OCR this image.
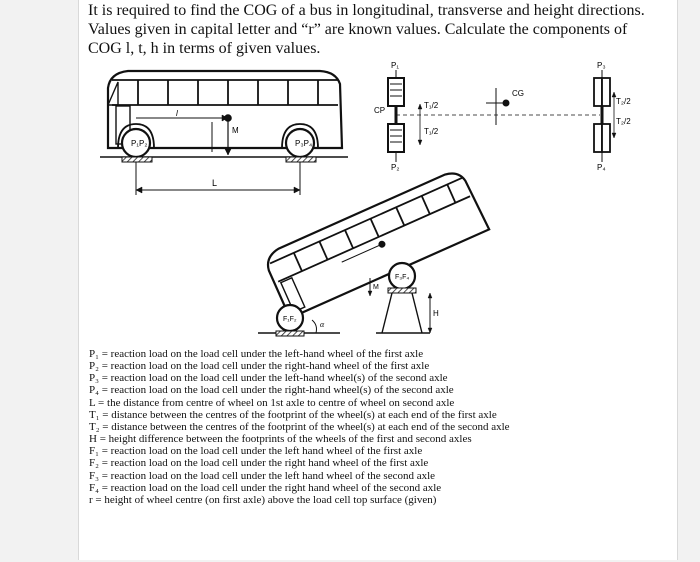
It is required to find the COG of a bus in longitudinal, transverse and height directions.

Values given in capital letter and “r” are known values. Calculate the components of

COG l, t, h in terms of given values.

P₁P₂	P₃P₄
l
M
L
P₁
P₂
CP
T₁/2
T₁/2
CG
P₃
P₄
T₂/2
T₂/2
F₁F₂
F₃F₄
H
α
M
P₁ = reaction load on the load cell under the left-hand wheel of the first axle
P₂ = reaction load on the load cell under the right-hand wheel of the first axle
P₃ = reaction load on the load cell under the left-hand wheel(s) of the second axle
P₄ = reaction load on the load cell under the right-hand wheel(s) of the second axle
L = the distance from centre of wheel on 1st axle to centre of wheel on second axle
T₁ = distance between the centres of the footprint of the wheel(s) at each end of the first axle
T₂ = distance between the centres of the footprint of the wheel(s) at each end of the second axle
H = height difference between the footprints of the wheels of the first and second axles
F₁ = reaction load on the load cell under the left hand wheel of the first axle
F₂ = reaction load on the load cell under the right hand wheel of the first axle
F₃ = reaction load on the load cell under the left hand wheel of the second axle
F₄ = reaction load on the load cell under the right hand wheel of the second axle
r = height of wheel centre (on first axle) above the load cell top surface (given)
